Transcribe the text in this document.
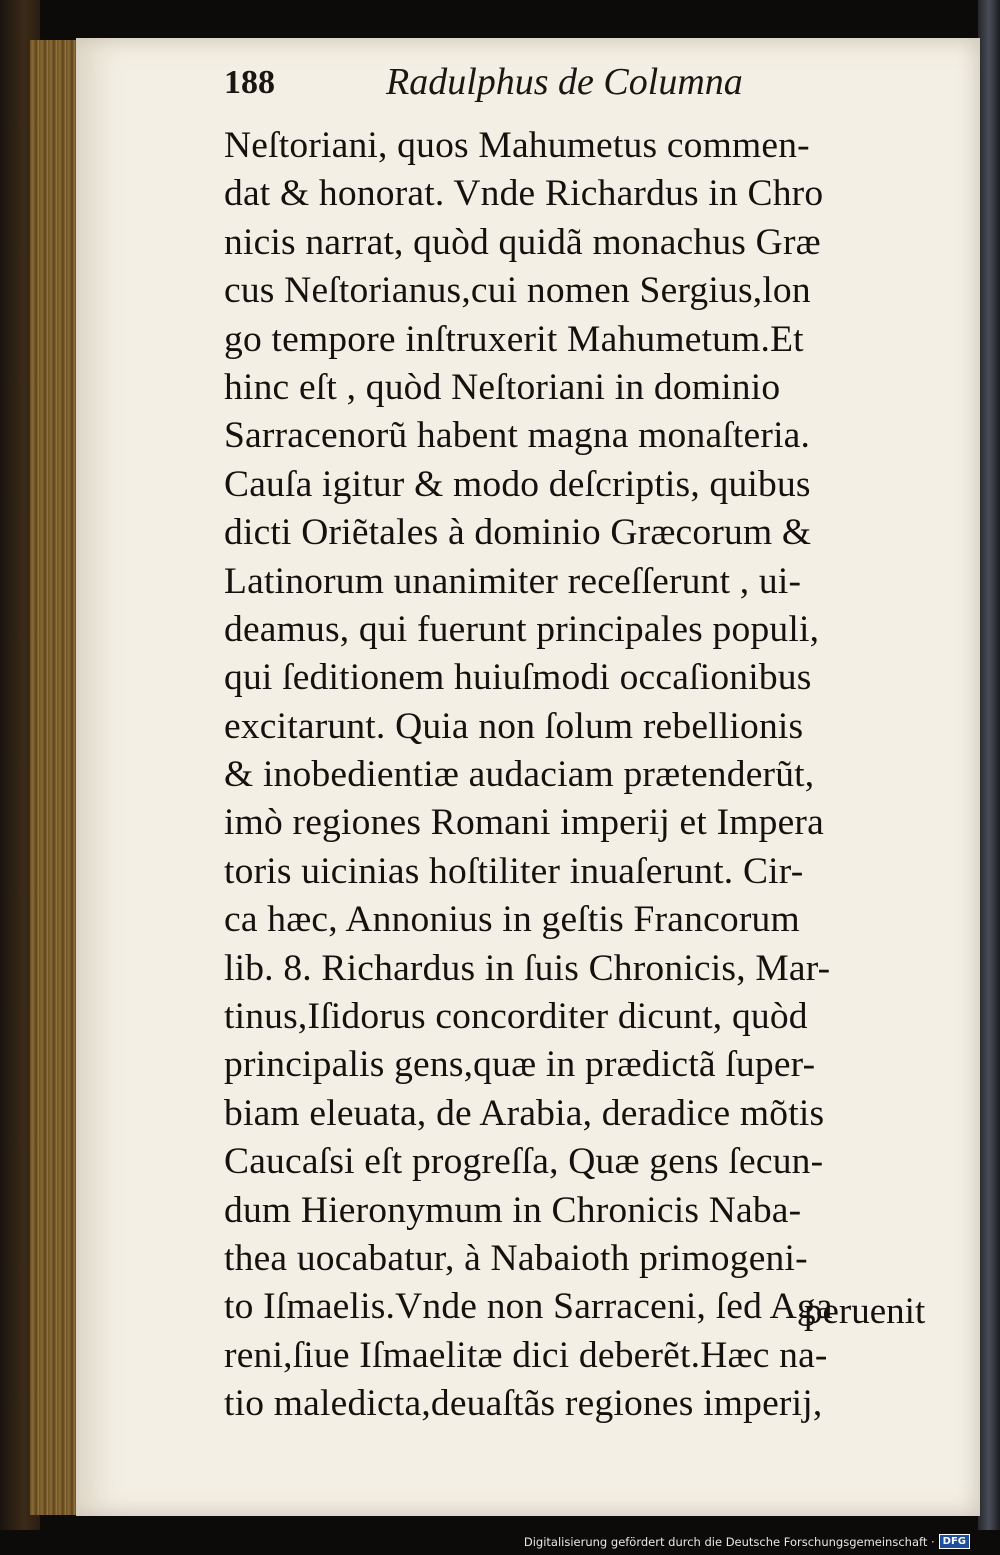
188	Radulphus de Columna
Neſtoriani, quos Mahumetus commen-
dat & honorat. Vnde Richardus in Chro
nicis narrat, quòd quidã monachus Græ
cus Neſtorianus,cui nomen Sergius,lon
go tempore inſtruxerit Mahumetum.Et
hinc eſt , quòd Neſtoriani in dominio
Sarracenorũ habent magna monaſteria.
Cauſa igitur & modo deſcriptis, quibus
dicti Oriẽtales à dominio Græcorum &
Latinorum unanimiter receſſerunt , ui-
deamus, qui fuerunt principales populi,
qui ſeditionem huiuſmodi occaſionibus
excitarunt. Quia non ſolum rebellionis
& inobedientiæ audaciam prætenderũt,
imò regiones Romani imperij et Impera
toris uicinias hoſtiliter inuaſerunt. Cir-
ca hæc, Annonius in geſtis Francorum
lib. 8. Richardus in ſuis Chronicis, Mar-
tinus,Iſidorus concorditer dicunt, quòd
principalis gens,quæ in prædictã ſuper-
biam eleuata, de Arabia, deradice mõtis
Caucaſsi eſt progreſſa, Quæ gens ſecun-
dum Hieronymum in Chronicis Naba-
thea uocabatur, à Nabaioth primogeni-
to Iſmaelis.Vnde non Sarraceni, ſed Aga
reni,ſiue Iſmaelitæ dici deberẽt.Hæc na-
tio maledicta,deuaſtãs regiones imperij,
peruenit
Digitalisierung gefördert durch die Deutsche Forschungsgemeinschaft · DFG
